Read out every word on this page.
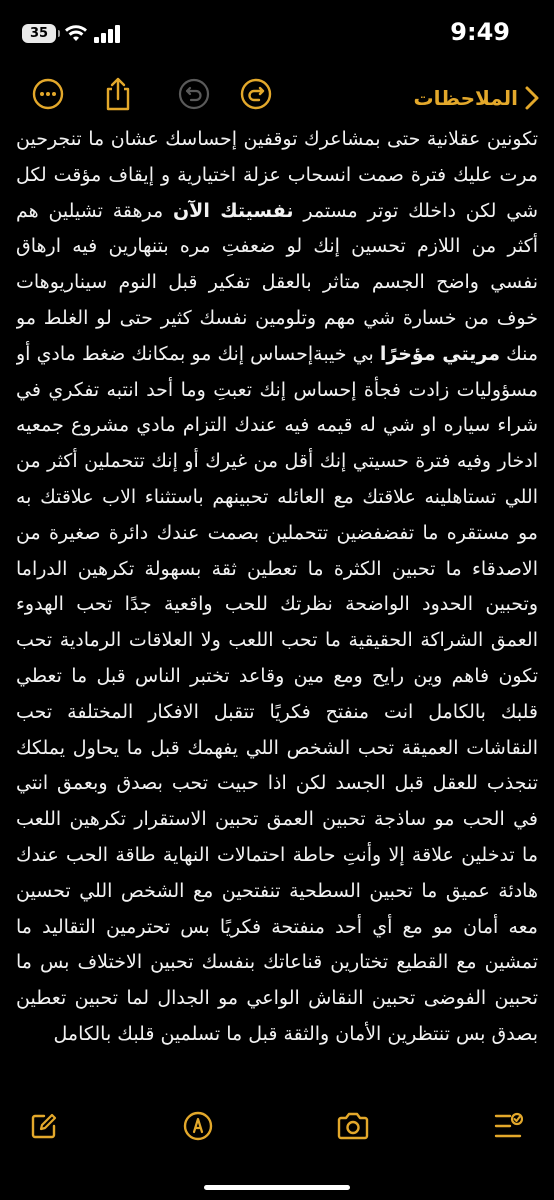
35	9:49
الملاحظات

تكونين عقلانية حتى بمشاعرك توقفين إحساسك عشان ما تنجرحين مرت عليك فترة صمت انسحاب عزلة اختيارية و إيقاف مؤقت لكل شي لكن داخلك توتر مستمر نفسيتك الآن مرهقة تشيلين هم أكثر من اللازم تحسين إنك لو ضعفتِ مره بتنهارين فيه ارهاق نفسي واضح الجسم متاثر بالعقل تفكير قبل النوم سيناريوهات خوف من خسارة شي مهم وتلومين نفسك كثير حتى لو الغلط مو منك مريتي مؤخرًا بي خيبةإحساس إنك مو بمكانك ضغط مادي أو مسؤوليات زادت فجأة إحساس إنك تعبتِ وما أحد انتبه تفكري في شراء سياره او شي له قيمه فيه عندك التزام مادي مشروع جمعيه ادخار وفيه فترة حسيتي إنك أقل من غيرك أو إنك تتحملين أكثر من اللي تستاهلينه علاقتك مع العائله تحبينهم باستثناء الاب علاقتك به مو مستقره ما تفضفضين تتحملين بصمت عندك دائرة صغيرة من الاصدقاء ما تحبين الكثرة ما تعطين ثقة بسهولة تكرهين الدراما وتحبين الحدود الواضحة نظرتك للحب واقعية جدًا تحب الهدوء العمق الشراكة الحقيقية ما تحب اللعب ولا العلاقات الرمادية تحب تكون فاهم وين رايح ومع مين وقاعد تختبر الناس قبل ما تعطي قلبك بالكامل انت منفتح فكريًا تتقبل الافكار المختلفة تحب النقاشات العميقة تحب الشخص اللي يفهمك قبل ما يحاول يملكك تنجذب للعقل قبل الجسد لكن اذا حبيت تحب بصدق وبعمق انتي في الحب مو ساذجة تحبين العمق تحبين الاستقرار تكرهين اللعب ما تدخلين علاقة إلا وأنتِ حاطة احتمالات النهاية طاقة الحب عندك هادئة عميق ما تحبين السطحية تنفتحين مع الشخص اللي تحسين معه أمان مو مع أي أحد منفتحة فكريًا بس تحترمين التقاليد ما تمشين مع القطيع تختارين قناعاتك بنفسك تحبين الاختلاف بس ما تحبين الفوضى تحبين النقاش الواعي مو الجدال لما تحبين تعطين بصدق بس تنتظرين الأمان والثقة قبل ما تسلمين قلبك بالكامل
